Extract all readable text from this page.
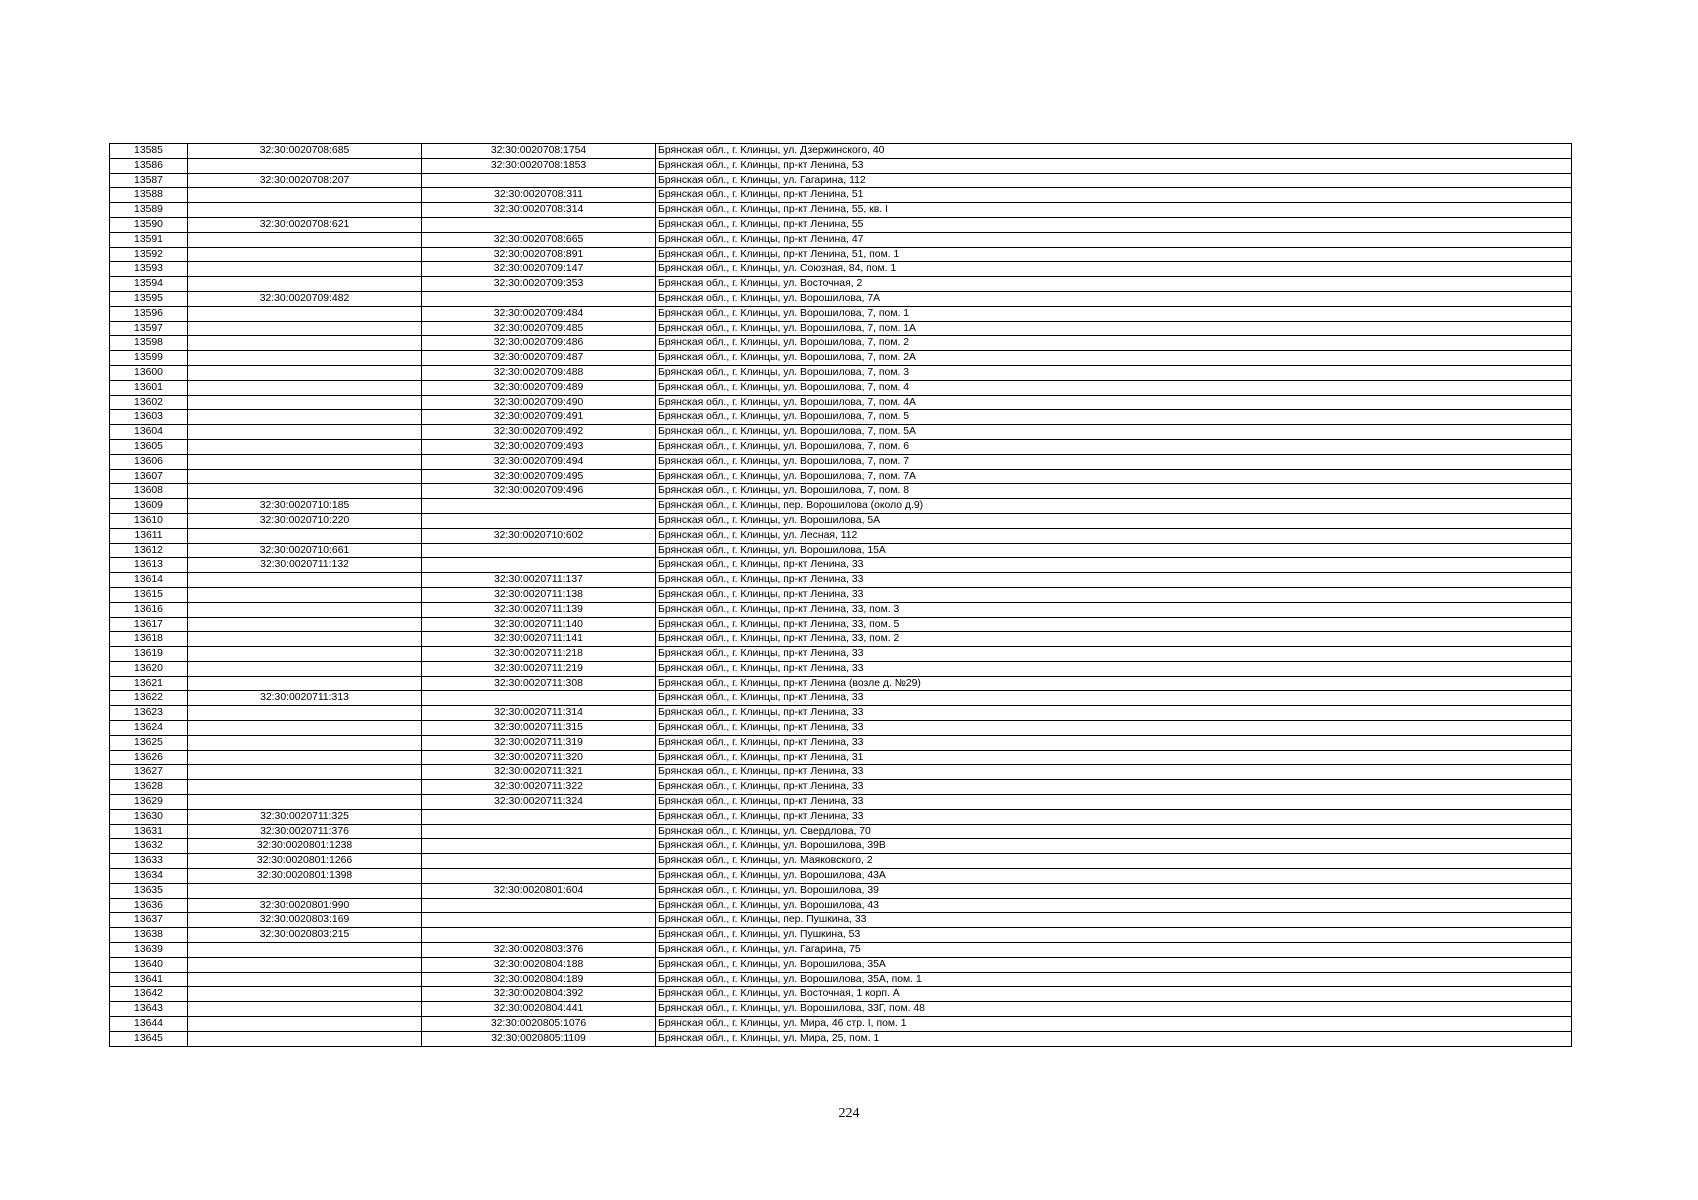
13585	32:30:0020708:685	32:30:0020708:1754	Брянская обл., г. Клинцы, ул. Дзержинского, 40
13586		32:30:0020708:1853	Брянская обл., г. Клинцы, пр-кт Ленина, 53
13587	32:30:0020708:207		Брянская обл., г. Клинцы, ул. Гагарина, 112
13588		32:30:0020708:311	Брянская обл., г. Клинцы, пр-кт Ленина, 51
13589		32:30:0020708:314	Брянская обл., г. Клинцы, пр-кт Ленина, 55, кв. I
13590	32:30:0020708:621		Брянская обл., г. Клинцы, пр-кт Ленина, 55
13591		32:30:0020708:665	Брянская обл., г. Клинцы, пр-кт Ленина, 47
13592		32:30:0020708:891	Брянская обл., г. Клинцы, пр-кт Ленина, 51, пом. 1
13593		32:30:0020709:147	Брянская обл., г. Клинцы, ул. Союзная, 84, пом. 1
13594		32:30:0020709:353	Брянская обл., г. Клинцы, ул. Восточная, 2
13595	32:30:0020709:482		Брянская обл., г. Клинцы, ул. Ворошилова, 7А
13596		32:30:0020709:484	Брянская обл., г. Клинцы, ул. Ворошилова, 7, пом. 1
13597		32:30:0020709:485	Брянская обл., г. Клинцы, ул. Ворошилова, 7, пом. 1А
13598		32:30:0020709:486	Брянская обл., г. Клинцы, ул. Ворошилова, 7, пом. 2
13599		32:30:0020709:487	Брянская обл., г. Клинцы, ул. Ворошилова, 7, пом. 2А
13600		32:30:0020709:488	Брянская обл., г. Клинцы, ул. Ворошилова, 7, пом. 3
13601		32:30:0020709:489	Брянская обл., г. Клинцы, ул. Ворошилова, 7, пом. 4
13602		32:30:0020709:490	Брянская обл., г. Клинцы, ул. Ворошилова, 7, пом. 4А
13603		32:30:0020709:491	Брянская обл., г. Клинцы, ул. Ворошилова, 7, пом. 5
13604		32:30:0020709:492	Брянская обл., г. Клинцы, ул. Ворошилова, 7, пом. 5А
13605		32:30:0020709:493	Брянская обл., г. Клинцы, ул. Ворошилова, 7, пом. 6
13606		32:30:0020709:494	Брянская обл., г. Клинцы, ул. Ворошилова, 7, пом. 7
13607		32:30:0020709:495	Брянская обл., г. Клинцы, ул. Ворошилова, 7, пом. 7А
13608		32:30:0020709:496	Брянская обл., г. Клинцы, ул. Ворошилова, 7, пом. 8
13609	32:30:0020710:185		Брянская обл., г. Клинцы, пер. Ворошилова (около д.9)
13610	32:30:0020710:220		Брянская обл., г. Клинцы, ул. Ворошилова, 5А
13611		32:30:0020710:602	Брянская обл., г. Клинцы, ул. Лесная, 112
13612	32:30:0020710:661		Брянская обл., г. Клинцы, ул. Ворошилова, 15А
13613	32:30:0020711:132		Брянская обл., г. Клинцы, пр-кт Ленина, 33
13614		32:30:0020711:137	Брянская обл., г. Клинцы, пр-кт Ленина, 33
13615		32:30:0020711:138	Брянская обл., г. Клинцы, пр-кт Ленина, 33
13616		32:30:0020711:139	Брянская обл., г. Клинцы, пр-кт Ленина, 33, пом. 3
13617		32:30:0020711:140	Брянская обл., г. Клинцы, пр-кт Ленина, 33, пом. 5
13618		32:30:0020711:141	Брянская обл., г. Клинцы, пр-кт Ленина, 33, пом. 2
13619		32:30:0020711:218	Брянская обл., г. Клинцы, пр-кт Ленина, 33
13620		32:30:0020711:219	Брянская обл., г. Клинцы, пр-кт Ленина, 33
13621		32:30:0020711:308	Брянская обл., г. Клинцы, пр-кт Ленина (возле д. №29)
13622	32:30:0020711:313		Брянская обл., г. Клинцы, пр-кт Ленина, 33
13623		32:30:0020711:314	Брянская обл., г. Клинцы, пр-кт Ленина, 33
13624		32:30:0020711:315	Брянская обл., г. Клинцы, пр-кт Ленина, 33
13625		32:30:0020711:319	Брянская обл., г. Клинцы, пр-кт Ленина, 33
13626		32:30:0020711:320	Брянская обл., г. Клинцы, пр-кт Ленина, 31
13627		32:30:0020711:321	Брянская обл., г. Клинцы, пр-кт Ленина, 33
13628		32:30:0020711:322	Брянская обл., г. Клинцы, пр-кт Ленина, 33
13629		32:30:0020711:324	Брянская обл., г. Клинцы, пр-кт Ленина, 33
13630	32:30:0020711:325		Брянская обл., г. Клинцы, пр-кт Ленина, 33
13631	32:30:0020711:376		Брянская обл., г. Клинцы, ул. Свердлова, 70
13632	32:30:0020801:1238		Брянская обл., г. Клинцы, ул. Ворошилова, 39В
13633	32:30:0020801:1266		Брянская обл., г. Клинцы, ул. Маяковского, 2
13634	32:30:0020801:1398		Брянская обл., г. Клинцы, ул. Ворошилова, 43А
13635		32:30:0020801:604	Брянская обл., г. Клинцы, ул. Ворошилова, 39
13636	32:30:0020801:990		Брянская обл., г. Клинцы, ул. Ворошилова, 43
13637	32:30:0020803:169		Брянская обл., г. Клинцы, пер. Пушкина, 33
13638	32:30:0020803:215		Брянская обл., г. Клинцы, ул. Пушкина, 53
13639		32:30:0020803:376	Брянская обл., г. Клинцы, ул. Гагарина, 75
13640		32:30:0020804:188	Брянская обл., г. Клинцы, ул. Ворошилова, 35А
13641		32:30:0020804:189	Брянская обл., г. Клинцы, ул. Ворошилова, 35А, пом. 1
13642		32:30:0020804:392	Брянская обл., г. Клинцы, ул. Восточная, 1 корп. А
13643		32:30:0020804:441	Брянская обл., г. Клинцы, ул. Ворошилова, 33Г, пом. 48
13644		32:30:0020805:1076	Брянская обл., г. Клинцы, ул. Мира, 46 стр. I, пом. 1
13645		32:30:0020805:1109	Брянская обл., г. Клинцы, ул. Мира, 25, пом. 1
224
